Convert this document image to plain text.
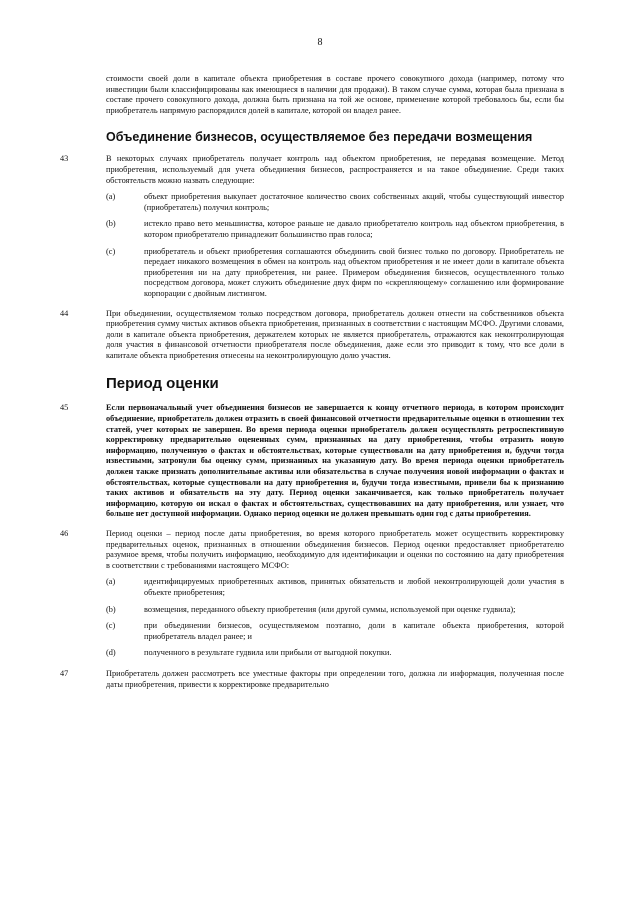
8

стоимости своей доли в капитале объекта приобретения в составе прочего совокупного дохода (например, потому что инвестиции были классифицированы как имеющиеся в наличии для продажи). В таком случае сумма, которая была признана в составе прочего совокупного дохода, должна быть признана на той же основе, применение которой требовалось бы, если бы приобретатель напрямую распорядился долей в капитале, которой он владел ранее.

Объединение бизнесов, осуществляемое без передачи возмещения
43	В некоторых случаях приобретатель получает контроль над объектом приобретения, не передавая возмещение. Метод приобретения, используемый для учета объединения бизнесов, распространяется и на такое объединение. Среди таких обстоятельств можно назвать следующие:

(a)	объект приобретения выкупает достаточное количество своих собственных акций, чтобы существующий инвестор (приобретатель) получил контроль;

(b)	истекло право вето меньшинства, которое раньше не давало приобретателю контроль над объектом приобретения, в котором приобретателю принадлежит большинство прав голоса;

(c)	приобретатель и объект приобретения соглашаются объединить свой бизнес только по договору. Приобретатель не передает никакого возмещения в обмен на контроль над объектом приобретения и не имеет доли в капитале объекта приобретения ни на дату приобретения, ни ранее. Примером объединения бизнесов, осуществленного только посредством договора, может служить объединение двух фирм по «скрепляющему» соглашению или формирование корпорации с двойным листингом.

44	При объединении, осуществляемом только посредством договора, приобретатель должен отнести на собственников объекта приобретения сумму чистых активов объекта приобретения, признанных в соответствии с настоящим МСФО. Другими словами, доли в капитале объекта приобретения, держателем которых не является приобретатель, отражаются как неконтролирующая доля участия в финансовой отчетности приобретателя после объединения, даже если это приводит к тому, что все доли в капитале объекта приобретения отнесены на неконтролирующую долю участия.

Период оценки
45	Если первоначальный учет объединения бизнесов не завершается к концу отчетного периода, в котором происходит объединение, приобретатель должен отразить в своей финансовой отчетности предварительные оценки в отношении тех статей, учет которых не завершен. Во время периода оценки приобретатель должен осуществлять ретроспективную корректировку предварительно оцененных сумм, признанных на дату приобретения, чтобы отразить новую информацию, полученную о фактах и обстоятельствах, которые существовали на дату приобретения и, будучи тогда известными, затронули бы оценку сумм, признанных на указанную дату. Во время периода оценки приобретатель должен также признать дополнительные активы или обязательства в случае получения новой информации о фактах и обстоятельствах, которые существовали на дату приобретения и, будучи тогда известными, привели бы к признанию таких активов и обязательств на эту дату. Период оценки заканчивается, как только приобретатель получает информацию, которую он искал о фактах и обстоятельствах, существовавших на дату приобретения, или узнает, что больше нет доступной информации. Однако период оценки не должен превышать один год с даты приобретения.

46	Период оценки – период после даты приобретения, во время которого приобретатель может осуществить корректировку предварительных оценок, признанных в отношении объединения бизнесов. Период оценки предоставляет приобретателю разумное время, чтобы получить информацию, необходимую для идентификации и оценки по состоянию на дату приобретения в соответствии с требованиями настоящего МСФО:

(a)	идентифицируемых приобретенных активов, принятых обязательств и любой неконтролирующей доли участия в объекте приобретения;

(b)	возмещения, переданного объекту приобретения (или другой суммы, используемой при оценке гудвила);

(c)	при объединении бизнесов, осуществляемом поэтапно, доли в капитале объекта приобретения, которой приобретатель владел ранее; и

(d)	полученного в результате гудвила или прибыли от выгодной покупки.

47	Приобретатель должен рассмотреть все уместные факторы при определении того, должна ли информация, полученная после даты приобретения, привести к корректировке предварительно
